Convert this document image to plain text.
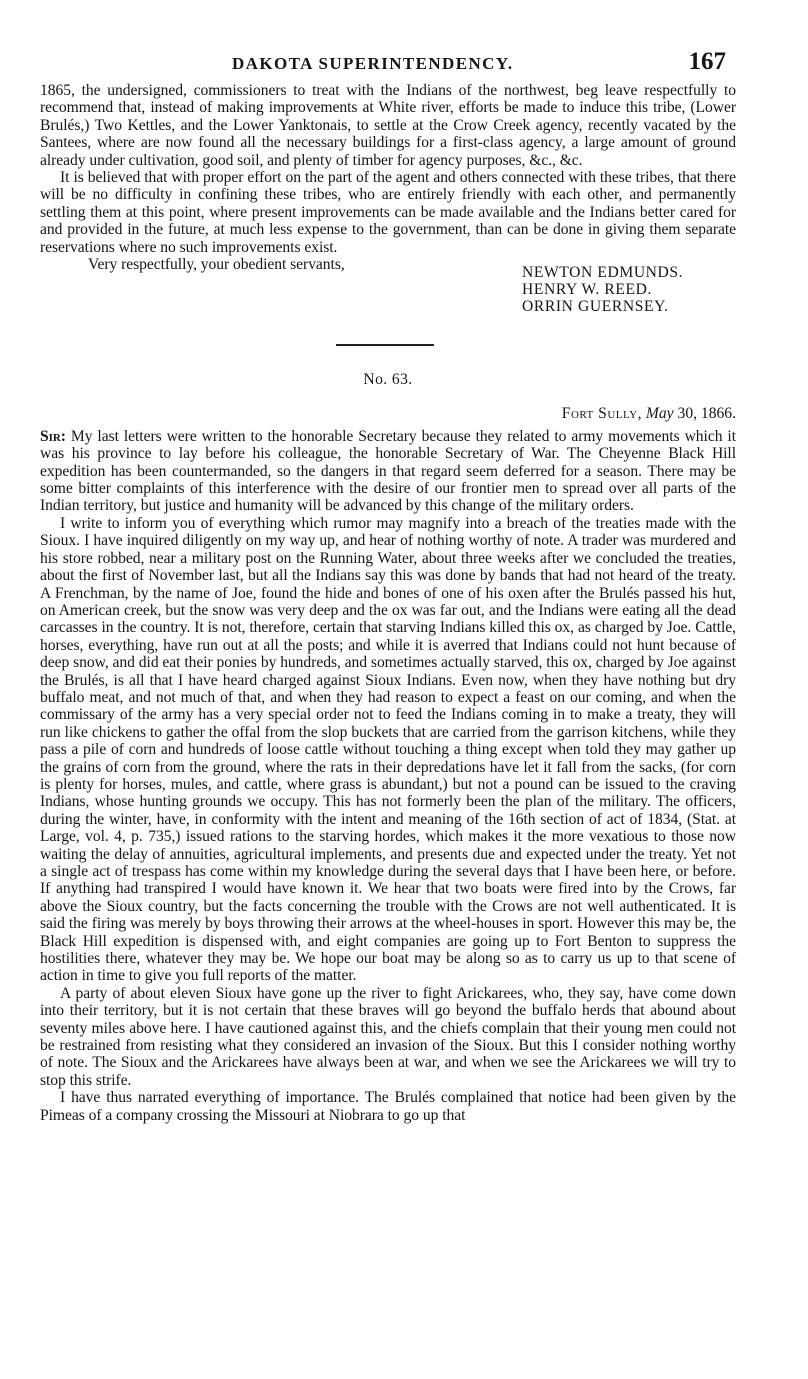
DAKOTA SUPERINTENDENCY.	167

1865, the undersigned, commissioners to treat with the Indians of the northwest, beg leave respectfully to recommend that, instead of making improvements at White river, efforts be made to induce this tribe, (Lower Brulés,) Two Kettles, and the Lower Yanktonais, to settle at the Crow Creek agency, recently vacated by the Santees, where are now found all the necessary buildings for a first-class agency, a large amount of ground already under cultivation, good soil, and plenty of timber for agency purposes, &c., &c.

It is believed that with proper effort on the part of the agent and others connected with these tribes, that there will be no difficulty in confining these tribes, who are entirely friendly with each other, and permanently settling them at this point, where present improvements can be made available and the Indians better cared for and provided in the future, at much less expense to the government, than can be done in giving them separate reservations where no such improvements exist.

Very respectfully, your obedient servants,	NEWTON EDMUNDS.
HENRY W. REED.
ORRIN GUERNSEY.
No. 63.
Fort Sully, May 30, 1866.

Sir: My last letters were written to the honorable Secretary because they related to army movements which it was his province to lay before his colleague, the honorable Secretary of War. The Cheyenne Black Hill expedition has been countermanded, so the dangers in that regard seem deferred for a season. There may be some bitter complaints of this interference with the desire of our frontier men to spread over all parts of the Indian territory, but justice and humanity will be advanced by this change of the military orders.

I write to inform you of everything which rumor may magnify into a breach of the treaties made with the Sioux. I have inquired diligently on my way up, and hear of nothing worthy of note. A trader was murdered and his store robbed, near a military post on the Running Water, about three weeks after we concluded the treaties, about the first of November last, but all the Indians say this was done by bands that had not heard of the treaty. A Frenchman, by the name of Joe, found the hide and bones of one of his oxen after the Brulés passed his hut, on American creek, but the snow was very deep and the ox was far out, and the Indians were eating all the dead carcasses in the country. It is not, therefore, certain that starving Indians killed this ox, as charged by Joe. Cattle, horses, everything, have run out at all the posts; and while it is averred that Indians could not hunt because of deep snow, and did eat their ponies by hundreds, and sometimes actually starved, this ox, charged by Joe against the Brulés, is all that I have heard charged against Sioux Indians. Even now, when they have nothing but dry buffalo meat, and not much of that, and when they had reason to expect a feast on our coming, and when the commissary of the army has a very special order not to feed the Indians coming in to make a treaty, they will run like chickens to gather the offal from the slop buckets that are carried from the garrison kitchens, while they pass a pile of corn and hundreds of loose cattle without touching a thing except when told they may gather up the grains of corn from the ground, where the rats in their depredations have let it fall from the sacks, (for corn is plenty for horses, mules, and cattle, where grass is abundant,) but not a pound can be issued to the craving Indians, whose hunting grounds we occupy. This has not formerly been the plan of the military. The officers, during the winter, have, in conformity with the intent and meaning of the 16th section of act of 1834, (Stat. at Large, vol. 4, p. 735,) issued rations to the starving hordes, which makes it the more vexatious to those now waiting the delay of annuities, agricultural implements, and presents due and expected under the treaty. Yet not a single act of trespass has come within my knowledge during the several days that I have been here, or before. If anything had transpired I would have known it. We hear that two boats were fired into by the Crows, far above the Sioux country, but the facts concerning the trouble with the Crows are not well authenticated. It is said the firing was merely by boys throwing their arrows at the wheel-houses in sport. However this may be, the Black Hill expedition is dispensed with, and eight companies are going up to Fort Benton to suppress the hostilities there, whatever they may be. We hope our boat may be along so as to carry us up to that scene of action in time to give you full reports of the matter.

A party of about eleven Sioux have gone up the river to fight Arickarees, who, they say, have come down into their territory, but it is not certain that these braves will go beyond the buffalo herds that abound about seventy miles above here. I have cautioned against this, and the chiefs complain that their young men could not be restrained from resisting what they considered an invasion of the Sioux. But this I consider nothing worthy of note. The Sioux and the Arickarees have always been at war, and when we see the Arickarees we will try to stop this strife.

I have thus narrated everything of importance. The Brulés complained that notice had been given by the Pimeas of a company crossing the Missouri at Niobrara to go up that
